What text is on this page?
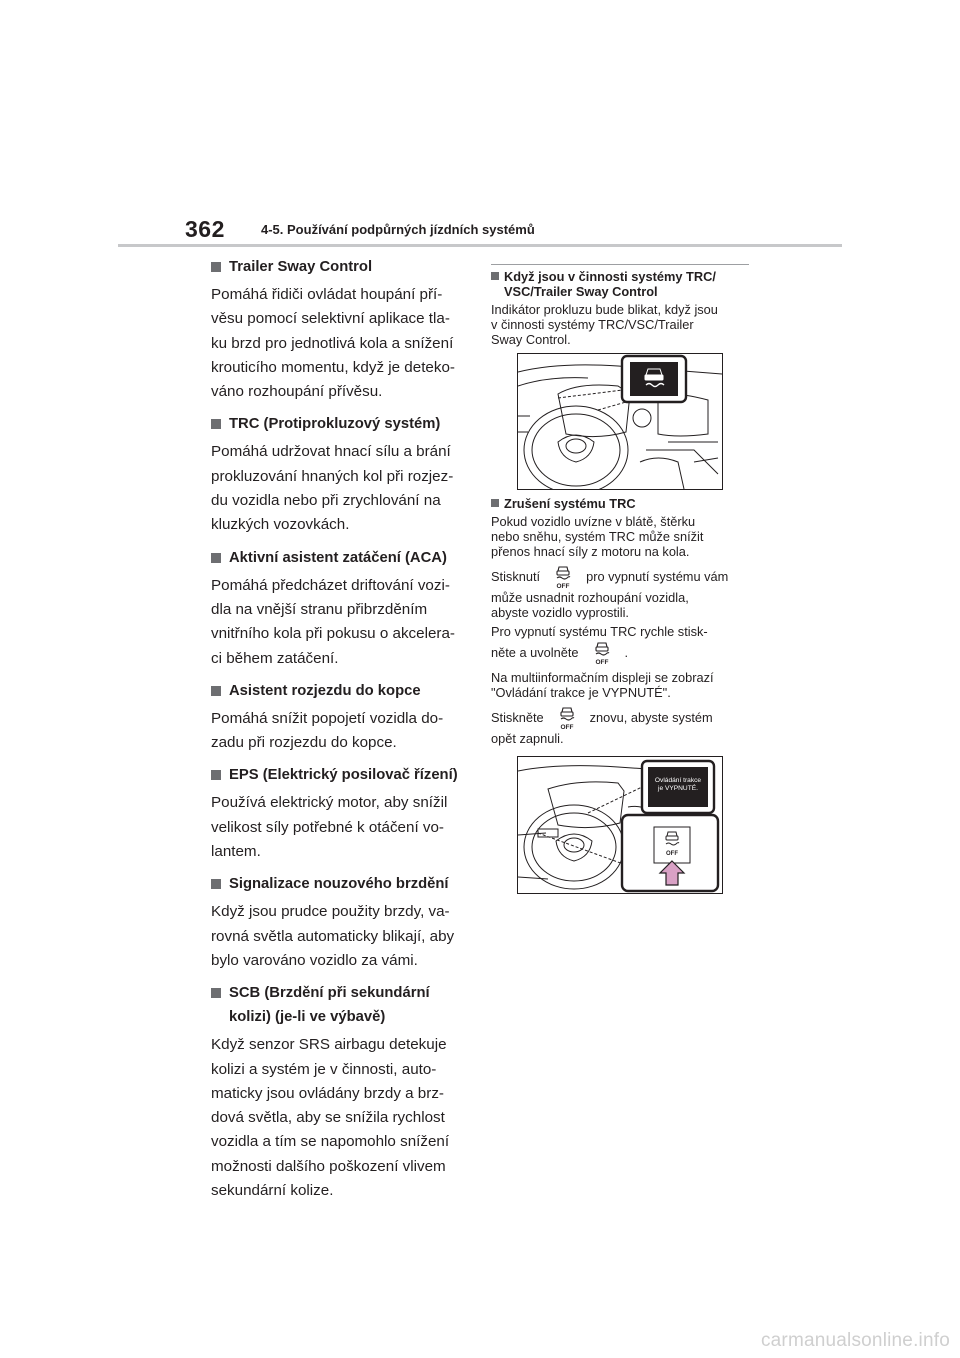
362	4-5. Používání podpůrných jízdních systémů
Trailer Sway Control

Pomáhá řidiči ovládat houpání pří-
věsu pomocí selektivní aplikace tla-
ku brzd pro jednotlivá kola a snížení
krouticího momentu, když je deteko-
váno rozhoupání přívěsu.

TRC (Protiprokluzový systém)

Pomáhá udržovat hnací sílu a brání
prokluzování hnaných kol při rozjez-
du vozidla nebo při zrychlování na
kluzkých vozovkách.

Aktivní asistent zatáčení (ACA)

Pomáhá předcházet driftování vozi-
dla na vnější stranu přibrzděním
vnitřního kola při pokusu o akcelera-
ci během zatáčení.

Asistent rozjezdu do kopce

Pomáhá snížit popojetí vozidla do-
zadu při rozjezdu do kopce.

EPS (Elektrický posilovač řízení)

Používá elektrický motor, aby snížil
velikost síly potřebné k otáčení vo-
lantem.

Signalizace nouzového brzdění

Když jsou prudce použity brzdy, va-
rovná světla automaticky blikají, aby
bylo varováno vozidlo za vámi.

SCB (Brzdění při sekundární
kolizi) (je-li ve výbavě)

Když senzor SRS airbagu detekuje
kolizi a systém je v činnosti, auto-
maticky jsou ovládány brzdy a brz-
dová světla, aby se snížila rychlost
vozidla a tím se napomohlo snížení
možnosti dalšího poškození vlivem
sekundární kolize.

Když jsou v činnosti systémy TRC/
VSC/Trailer Sway Control

Indikátor prokluzu bude blikat, když jsou
v činnosti systémy TRC/VSC/Trailer
Sway Control.

Zrušení systému TRC

Pokud vozidlo uvízne v blátě, štěrku
nebo sněhu, systém TRC může snížit
přenos hnací síly z motoru na kola.

Stisknutí
OFF
pro vypnutí systému vám
může usnadnit rozhoupání vozidla,
abyste vozidlo vyprostili.
Pro vypnutí systému TRC rychle stisk-
něte a uvolněte
OFF
.

Na multiinformačním displeji se zobrazí
"Ovládání trakce je VYPNUTÉ".

Stiskněte
OFF
znovu, abyste systém
opět zapnuli.
OFF
Ovládání trakce
je VYPNUTÉ.
carmanualsonline.info
